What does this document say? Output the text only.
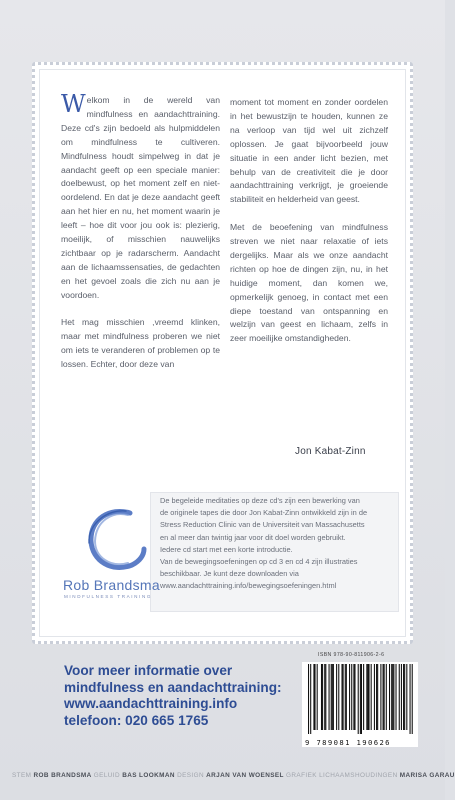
Welkom in de wereld van mindfulness en aandachttraining. Deze cd's zijn bedoeld als hulpmiddelen om mindfulness te cultiveren. Mindfulness houdt simpelweg in dat je aandacht geeft op een speciale manier: doelbewust, op het moment zelf en niet-oordelend. En dat je deze aandacht geeft aan het hier en nu, het moment waarin je leeft – hoe dit voor jou ook is: plezierig, moeilijk, of misschien nauwelijks zichtbaar op je radarscherm. Aandacht aan de lichaamssensaties, de gedachten en het gevoel zoals die zich nu aan je voordoen.

Het mag misschien ,vreemd klinken, maar met mindfulness proberen we niet om iets te veranderen of problemen op te lossen. Echter, door deze van

moment tot moment en zonder oordelen in het bewustzijn te houden, kunnen ze na verloop van tijd wel uit zichzelf oplossen. Je gaat bijvoorbeeld jouw situatie in een ander licht bezien, met behulp van de creativiteit die je door aandachttraining verkrijgt, je groeiende stabiliteit en helderheid van geest.

Met de beoefening van mindfulness streven we niet naar relaxatie of iets dergelijks. Maar als we onze aandacht richten op hoe de dingen zijn, nu, in het huidige moment, dan komen we, opmerkelijk genoeg, in contact met een diepe toestand van ontspanning en welzijn van geest en lichaam, zelfs in zeer moeilijke omstandigheden.

Jon Kabat-Zinn
De begeleide meditaties op deze cd's zijn een bewerking van
de originele tapes die door Jon Kabat-Zinn ontwikkeld zijn in de
Stress Reduction Clinic van de Universiteit van Massachusetts
en al meer dan twintig jaar voor dit doel worden gebruikt.
Iedere cd start met een korte introductie.
Van de bewegingsoefeningen op cd 3 en cd 4 zijn illustraties
beschikbaar. Je kunt deze downloaden via
www.aandachttraining.info/bewegingsoefeningen.html
Rob Brandsma
MINDFULNESS TRAINING
Voor meer informatie over
mindfulness en aandachttraining:
www.aandachttraining.info
telefoon: 020 665 1765
ISBN 978-90-811906-2-6
9 789081 190626
STEM ROB BRANDSMA GELUID BAS LOOKMAN DESIGN ARJAN VAN WOENSEL GRAFIEK LICHAAMSHOUDINGEN MARISA GARAU
